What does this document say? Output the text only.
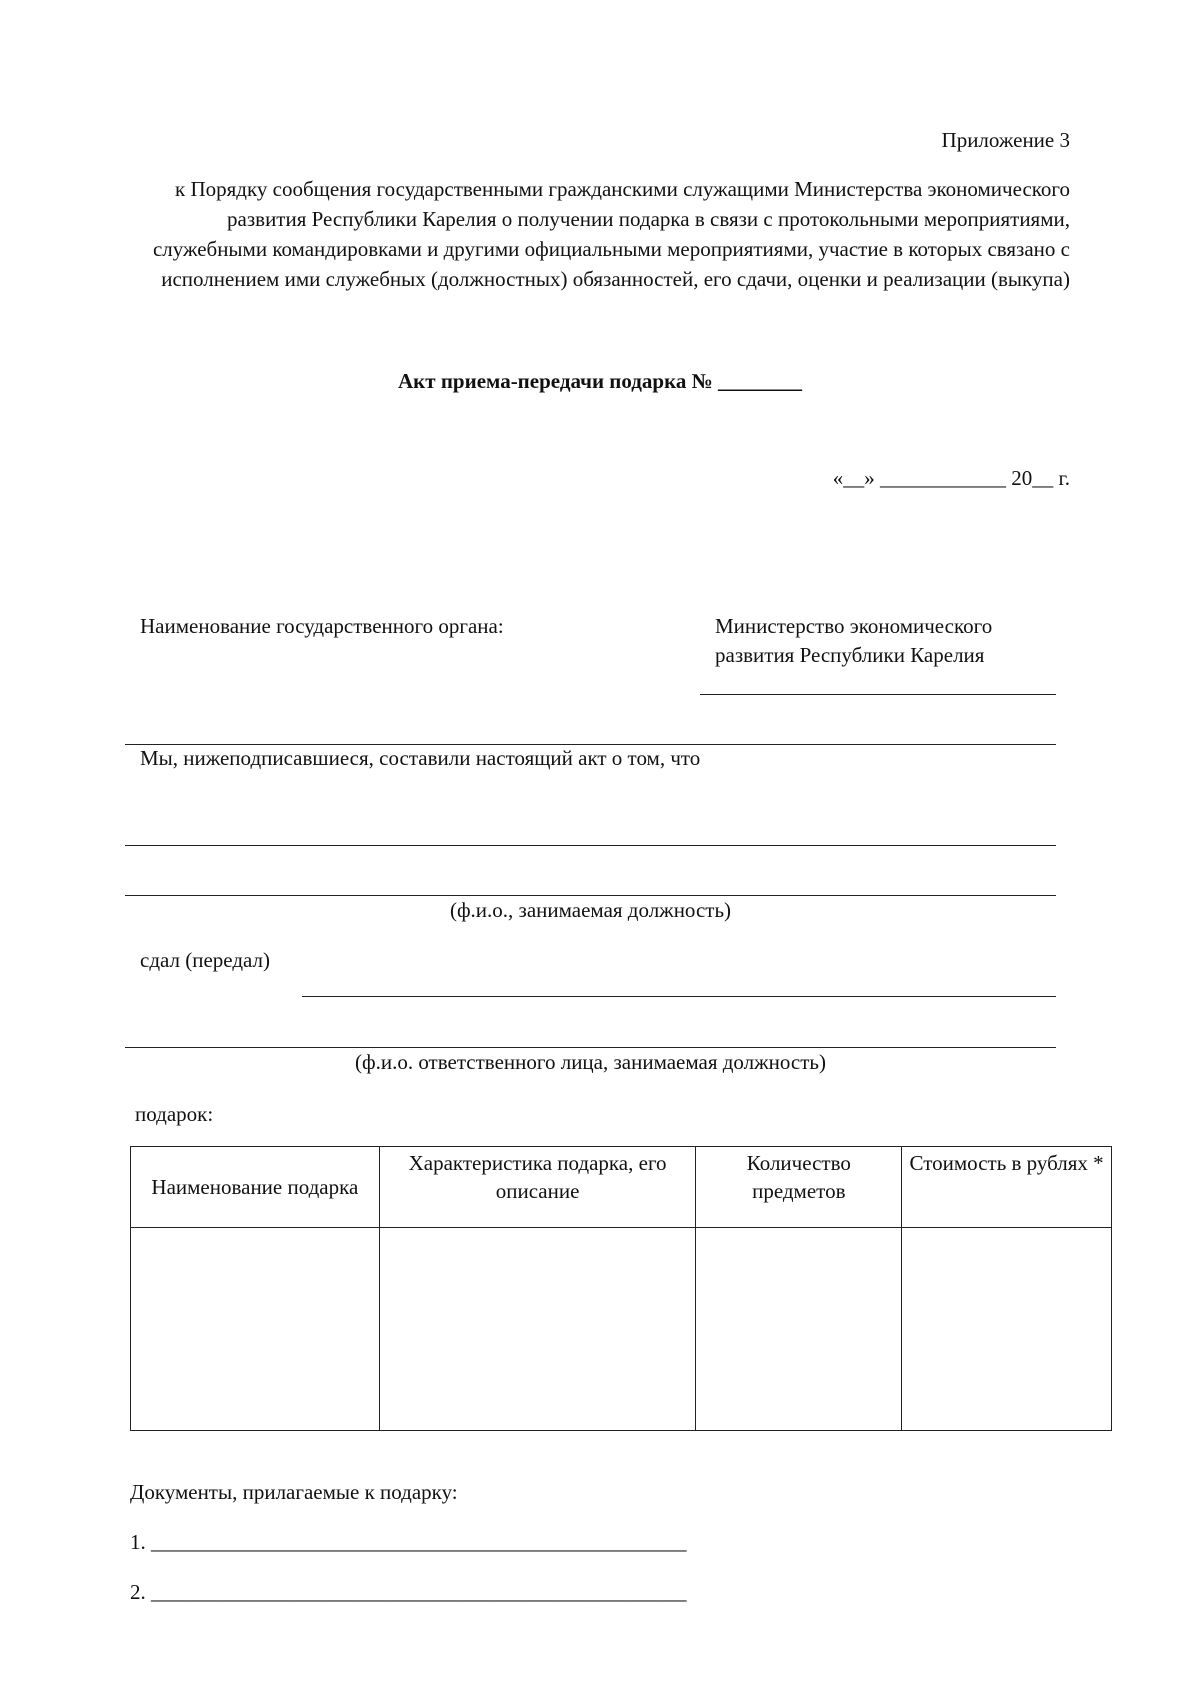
Приложение 3
к Порядку сообщения государственными гражданскими служащими Министерства экономического развития Республики Карелия о получении подарка в связи с протокольными мероприятиями, служебными командировками и другими официальными мероприятиями, участие в которых связано с исполнением ими служебных (должностных) обязанностей, его сдачи, оценки и реализации (выкупа)
Акт приема-передачи подарка № ________
«__» ____________ 20__ г.
Наименование государственного органа:	Министерство экономического
развития Республики Карелия
Мы, нижеподписавшиеся, составили настоящий акт о том, что
(ф.и.о., занимаемая должность)
сдал (передал)
(ф.и.о. ответственного лица, занимаемая должность)
подарок:
Наименование подарка	Характеристика подарка, его описание	Количество предметов	Стоимость в рублях *

Документы, прилагаемые к подарку:
1. ___________________________________________________
2. ___________________________________________________
